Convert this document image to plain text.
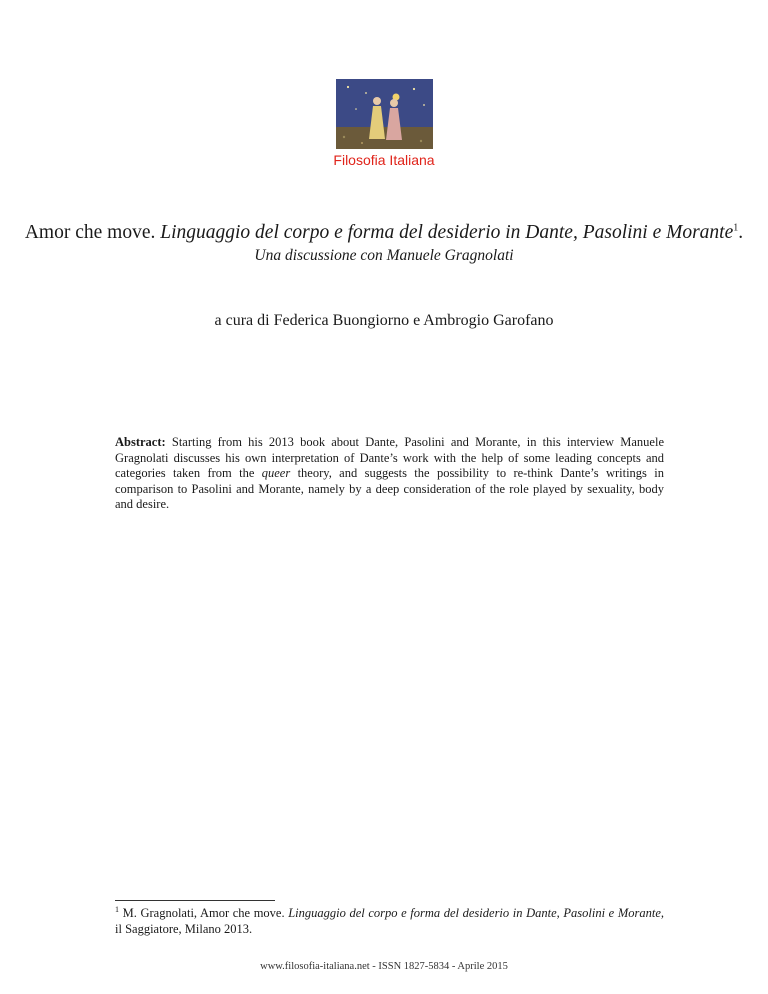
Filosofia Italiana
Amor che move. Linguaggio del corpo e forma del desiderio in Dante, Pasolini e Morante$^1$.
Una discussione con Manuele Gragnolati
a cura di Federica Buongiorno e Ambrogio Garofano
Abstract: Starting from his 2013 book about Dante, Pasolini and Morante, in this interview Manuele Gragnolati discusses his own interpretation of Dante’s work with the help of some leading concepts and categories taken from the queer theory, and suggests the possibility to re-think Dante’s writings in comparison to Pasolini and Morante, namely by a deep consideration of the role played by sexuality, body and desire.
$^1$ M. Gragnolati, Amor che move. Linguaggio del corpo e forma del desiderio in Dante, Pasolini e Morante, il Saggiatore, Milano 2013.
www.filosofia-italiana.net - ISSN 1827-5834 - Aprile 2015
